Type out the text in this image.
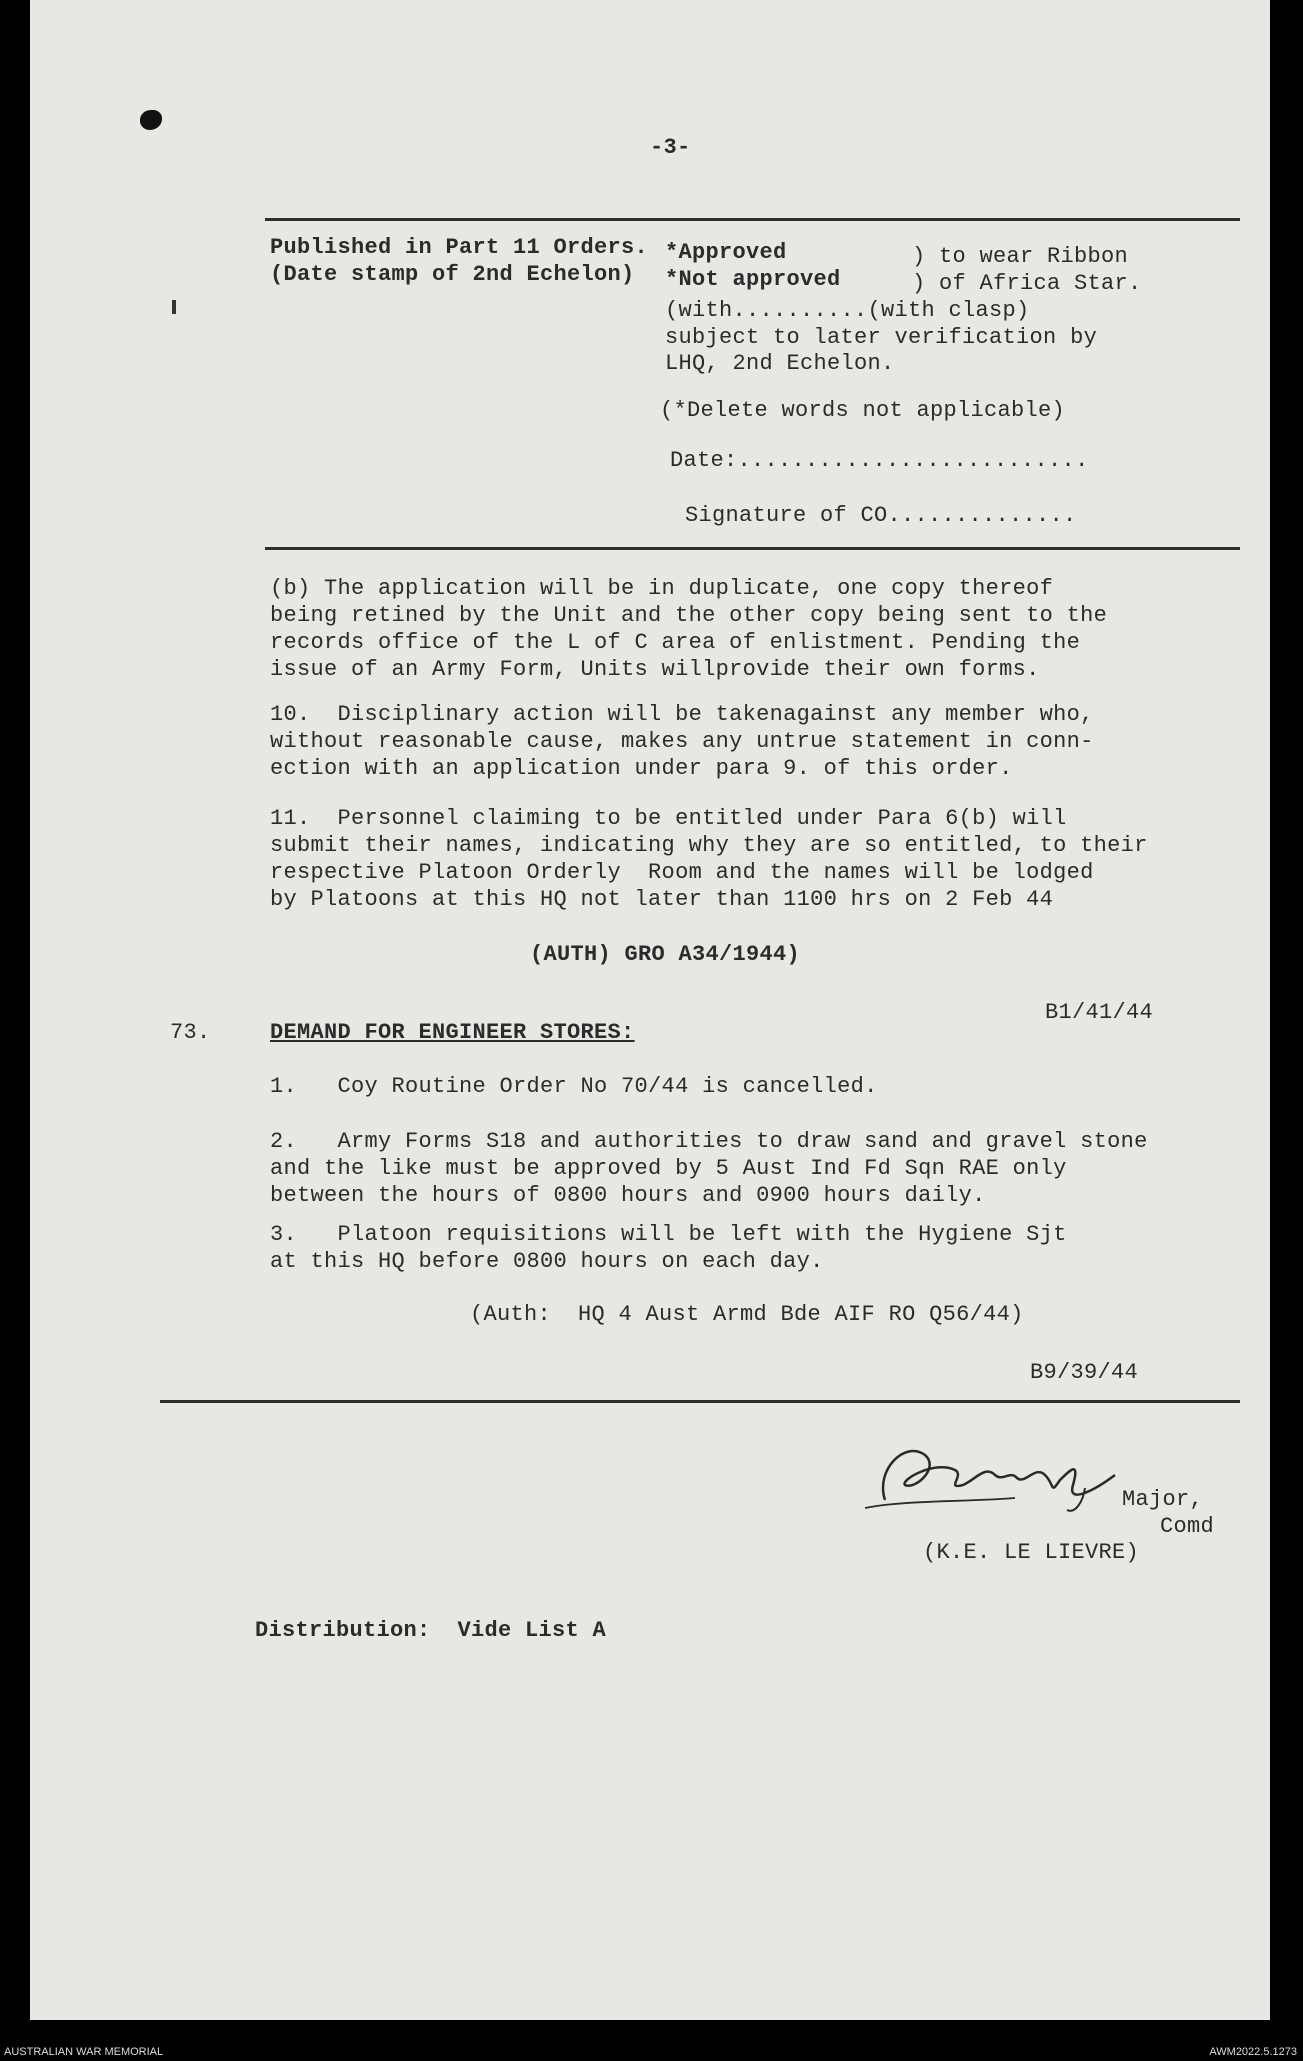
-3-
Published in Part 11 Orders.
(Date stamp of 2nd Echelon)
*Approved
*Not approved
) to wear Ribbon
) of Africa Star.
(with..........(with clasp)
subject to later verification by
LHQ, 2nd Echelon.
(*Delete words not applicable)
Date:..........................
Signature of CO..............
(b) The application will be in duplicate, one copy thereof
being retined by the Unit and the other copy being sent to the
records office of the L of C area of enlistment. Pending the
issue of an Army Form, Units willprovide their own forms.
10.  Disciplinary action will be takenagainst any member who,
without reasonable cause, makes any untrue statement in conn-
ection with an application under para 9. of this order.
11.  Personnel claiming to be entitled under Para 6(b) will
submit their names, indicating why they are so entitled, to their
respective Platoon Orderly  Room and the names will be lodged
by Platoons at this HQ not later than 1100 hrs on 2 Feb 44
(AUTH) GRO A34/1944)
B1/41/44
73.	DEMAND FOR ENGINEER STORES:
1.   Coy Routine Order No 70/44 is cancelled.
2.   Army Forms S18 and authorities to draw sand and gravel stone
and the like must be approved by 5 Aust Ind Fd Sqn RAE only
between the hours of 0800 hours and 0900 hours daily.
3.   Platoon requisitions will be left with the Hygiene Sjt
at this HQ before 0800 hours on each day.
(Auth:  HQ 4 Aust Armd Bde AIF RO Q56/44)
B9/39/44
Major,
Comd
(K.E. LE LIEVRE)
Distribution:  Vide List A
AUSTRALIAN WAR MEMORIAL	AWM2022.5.1273
